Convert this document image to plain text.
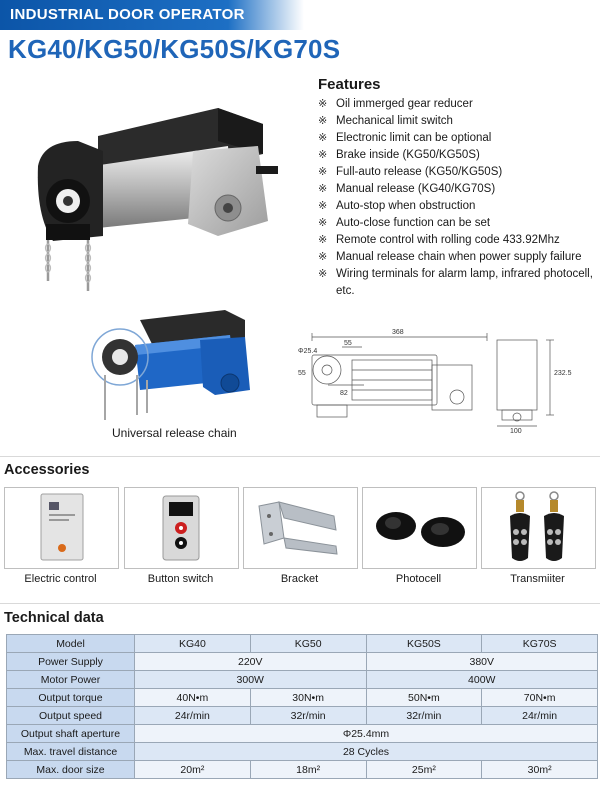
INDUSTRIAL DOOR OPERATOR
KG40/KG50/KG50S/KG70S
Features
※ Oil immerged gear reducer
※ Mechanical limit switch
※ Electronic limit can be optional
※ Brake inside (KG50/KG50S)
※ Full-auto release (KG50/KG50S)
※ Manual release (KG40/KG70S)
※ Auto-stop when obstruction
※ Auto-close function can be set
※ Remote control with rolling code 433.92Mhz
※ Manual release chain when power supply failure
※ Wiring terminals for alarm lamp, infrared photocell, etc.
Universal release chain
368
Φ25.4
55
55
82
232.5
100
Accessories
Electric control	Button switch	Bracket	Photocell	Transmiiter
Technical data
Model	KG40	KG50	KG50S	KG70S
Power Supply	220V		380V	
Motor Power	300W		400W	
Output torque	40N•m	30N•m	50N•m	70N•m
Output speed	24r/min	32r/min	32r/min	24r/min
Output shaft aperture	Φ25.4mm			
Max. travel distance	28 Cycles			
Max. door size	20m²	18m²	25m²	30m²
